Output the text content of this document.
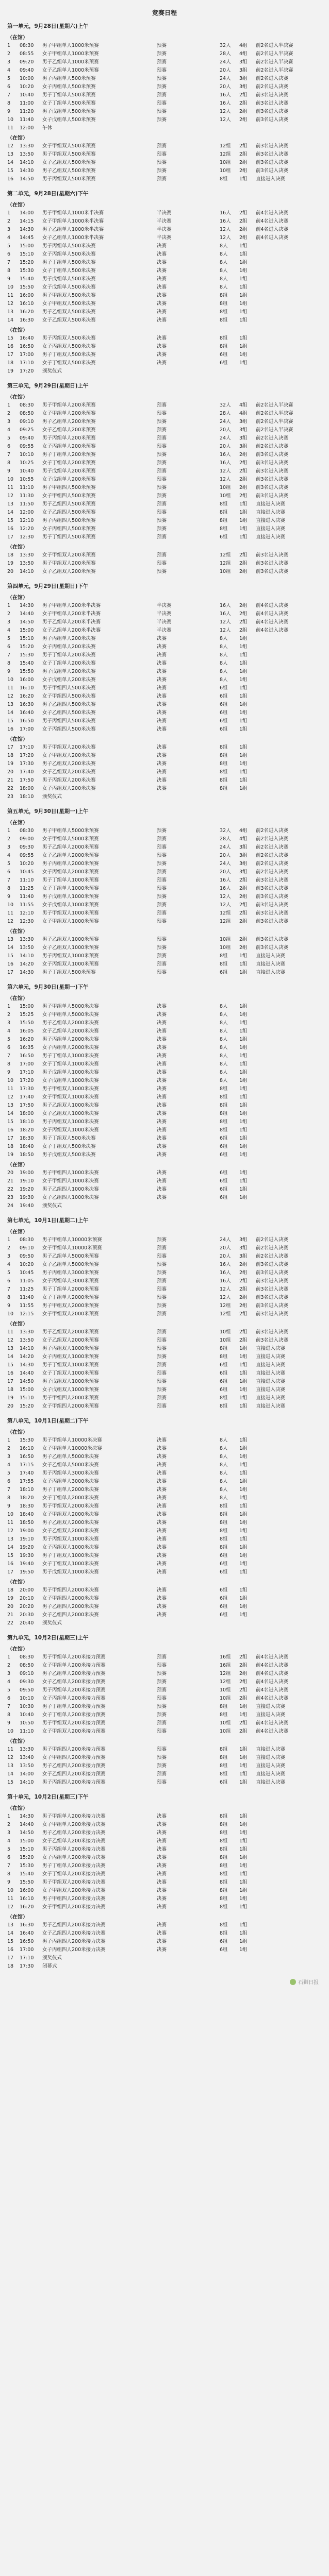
竞赛日程
第一单元，9月28日(星期六)上午
（在馆）
1	08:30	男子甲组单人1000米预赛	预赛	32人	4组	前2名进入半决赛
2	08:55	女子甲组单人1000米预赛	预赛	28人	4组	前2名进入半决赛
3	09:20	男子乙组单人1000米预赛	预赛	24人	3组	前2名进入半决赛
4	09:40	女子乙组单人1000米预赛	预赛	20人	3组	前2名进入半决赛
5	10:00	男子丙组单人500米预赛	预赛	24人	3组	前2名进入决赛
6	10:20	女子丙组单人500米预赛	预赛	20人	3组	前2名进入决赛
7	10:40	男子丁组单人500米预赛	预赛	16人	2组	前3名进入决赛
8	11:00	女子丁组单人500米预赛	预赛	16人	2组	前3名进入决赛
9	11:20	男子戊组单人500米预赛	预赛	12人	2组	前3名进入决赛
10	11:40	女子戊组单人500米预赛	预赛	12人	2组	前3名进入决赛
11	12:00	午休
（在馆）
12	13:30	女子甲组双人500米预赛	预赛	12组	2组	前3名进入决赛
13	13:50	男子甲组双人500米预赛	预赛	12组	2组	前3名进入决赛
14	14:10	女子乙组双人500米预赛	预赛	10组	2组	前3名进入决赛
15	14:30	男子乙组双人500米预赛	预赛	10组	2组	前3名进入决赛
16	14:50	男子丙组双人500米预赛	预赛	8组	1组	直接进入决赛
第二单元，9月28日(星期六)下午
（在馆）
1	14:00	男子甲组单人1000米半决赛	半决赛	16人	2组	前4名进入决赛
2	14:15	女子甲组单人1000米半决赛	半决赛	16人	2组	前4名进入决赛
3	14:30	男子乙组单人1000米半决赛	半决赛	12人	2组	前4名进入决赛
4	14:45	女子乙组单人1000米半决赛	半决赛	12人	2组	前4名进入决赛
5	15:00	男子丙组单人500米决赛	决赛	8人	1组
6	15:10	女子丙组单人500米决赛	决赛	8人	1组
7	15:20	男子丁组单人500米决赛	决赛	8人	1组
8	15:30	女子丁组单人500米决赛	决赛	8人	1组
9	15:40	男子戊组单人500米决赛	决赛	8人	1组
10	15:50	女子戊组单人500米决赛	决赛	8人	1组
11	16:00	男子甲组双人500米决赛	决赛	8组	1组
12	16:10	女子甲组双人500米决赛	决赛	8组	1组
13	16:20	男子乙组双人500米决赛	决赛	8组	1组
14	16:30	女子乙组双人500米决赛	决赛	8组	1组
（在馆）
15	16:40	男子丙组双人500米决赛	决赛	8组	1组
16	16:50	女子丙组双人500米决赛	决赛	8组	1组
17	17:00	男子丁组双人500米决赛	决赛	6组	1组
18	17:10	女子丁组双人500米决赛	决赛	6组	1组
19	17:20	颁奖仪式
第三单元，9月29日(星期日)上午
（在馆）
1	08:30	男子甲组单人200米预赛	预赛	32人	4组	前2名进入半决赛
2	08:50	女子甲组单人200米预赛	预赛	28人	4组	前2名进入半决赛
3	09:10	男子乙组单人200米预赛	预赛	24人	3组	前2名进入半决赛
4	09:25	女子乙组单人200米预赛	预赛	20人	3组	前2名进入半决赛
5	09:40	男子丙组单人200米预赛	预赛	24人	3组	前2名进入决赛
6	09:55	女子丙组单人200米预赛	预赛	20人	3组	前2名进入决赛
7	10:10	男子丁组单人200米预赛	预赛	16人	2组	前3名进入决赛
8	10:25	女子丁组单人200米预赛	预赛	16人	2组	前3名进入决赛
9	10:40	男子戊组单人200米预赛	预赛	12人	2组	前3名进入决赛
10	10:55	女子戊组单人200米预赛	预赛	12人	2组	前3名进入决赛
11	11:10	男子甲组四人500米预赛	预赛	10组	2组	前3名进入决赛
12	11:30	女子甲组四人500米预赛	预赛	10组	2组	前3名进入决赛
13	11:50	男子乙组四人500米预赛	预赛	8组	1组	直接进入决赛
14	12:00	女子乙组四人500米预赛	预赛	8组	1组	直接进入决赛
15	12:10	男子丙组四人500米预赛	预赛	8组	1组	直接进入决赛
16	12:20	女子丙组四人500米预赛	预赛	8组	1组	直接进入决赛
17	12:30	男子丁组四人500米预赛	预赛	6组	1组	直接进入决赛
（在馆）
18	13:30	女子甲组双人200米预赛	预赛	12组	2组	前3名进入决赛
19	13:50	男子甲组双人200米预赛	预赛	12组	2组	前3名进入决赛
20	14:10	女子乙组双人200米预赛	预赛	10组	2组	前3名进入决赛
第四单元，9月29日(星期日)下午
（在馆）
1	14:30	男子甲组单人200米半决赛	半决赛	16人	2组	前4名进入决赛
2	14:40	女子甲组单人200米半决赛	半决赛	16人	2组	前4名进入决赛
3	14:50	男子乙组单人200米半决赛	半决赛	12人	2组	前4名进入决赛
4	15:00	女子乙组单人200米半决赛	半决赛	12人	2组	前4名进入决赛
5	15:10	男子丙组单人200米决赛	决赛	8人	1组
6	15:20	女子丙组单人200米决赛	决赛	8人	1组
7	15:30	男子丁组单人200米决赛	决赛	8人	1组
8	15:40	女子丁组单人200米决赛	决赛	8人	1组
9	15:50	男子戊组单人200米决赛	决赛	8人	1组
10	16:00	女子戊组单人200米决赛	决赛	8人	1组
11	16:10	男子甲组四人500米决赛	决赛	6组	1组
12	16:20	女子甲组四人500米决赛	决赛	6组	1组
13	16:30	男子乙组四人500米决赛	决赛	6组	1组
14	16:40	女子乙组四人500米决赛	决赛	6组	1组
15	16:50	男子丙组四人500米决赛	决赛	6组	1组
16	17:00	女子丙组四人500米决赛	决赛	6组	1组
（在馆）
17	17:10	男子甲组双人200米决赛	决赛	8组	1组
18	17:20	女子甲组双人200米决赛	决赛	8组	1组
19	17:30	男子乙组双人200米决赛	决赛	8组	1组
20	17:40	女子乙组双人200米决赛	决赛	8组	1组
21	17:50	男子丙组双人200米决赛	决赛	8组	1组
22	18:00	女子丙组双人200米决赛	决赛	8组	1组
23	18:10	颁奖仪式
第五单元，9月30日(星期一)上午
（在馆）
1	08:30	男子甲组单人5000米预赛	预赛	32人	4组	前2名进入决赛
2	09:00	女子甲组单人5000米预赛	预赛	28人	4组	前2名进入决赛
3	09:30	男子乙组单人2000米预赛	预赛	24人	3组	前2名进入决赛
4	09:55	女子乙组单人2000米预赛	预赛	20人	3组	前2名进入决赛
5	10:20	男子丙组单人2000米预赛	预赛	24人	3组	前2名进入决赛
6	10:45	女子丙组单人2000米预赛	预赛	20人	3组	前2名进入决赛
7	11:10	男子丁组单人1000米预赛	预赛	16人	2组	前3名进入决赛
8	11:25	女子丁组单人1000米预赛	预赛	16人	2组	前3名进入决赛
9	11:40	男子戊组单人1000米预赛	预赛	12人	2组	前3名进入决赛
10	11:55	女子戊组单人1000米预赛	预赛	12人	2组	前3名进入决赛
11	12:10	男子甲组双人1000米预赛	预赛	12组	2组	前3名进入决赛
12	12:30	女子甲组双人1000米预赛	预赛	12组	2组	前3名进入决赛
（在馆）
13	13:30	男子乙组双人1000米预赛	预赛	10组	2组	前3名进入决赛
14	13:50	女子乙组双人1000米预赛	预赛	10组	2组	前3名进入决赛
15	14:10	男子丙组双人1000米预赛	预赛	8组	1组	直接进入决赛
16	14:20	女子丙组双人1000米预赛	预赛	8组	1组	直接进入决赛
17	14:30	男子丁组双人500米预赛	预赛	6组	1组	直接进入决赛
第六单元，9月30日(星期一)下午
（在馆）
1	15:00	男子甲组单人5000米决赛	决赛	8人	1组
2	15:25	女子甲组单人5000米决赛	决赛	8人	1组
3	15:50	男子乙组单人2000米决赛	决赛	8人	1组
4	16:05	女子乙组单人2000米决赛	决赛	8人	1组
5	16:20	男子丙组单人2000米决赛	决赛	8人	1组
6	16:35	女子丙组单人2000米决赛	决赛	8人	1组
7	16:50	男子丁组单人1000米决赛	决赛	8人	1组
8	17:00	女子丁组单人1000米决赛	决赛	8人	1组
9	17:10	男子戊组单人1000米决赛	决赛	8人	1组
10	17:20	女子戊组单人1000米决赛	决赛	8人	1组
11	17:30	男子甲组双人1000米决赛	决赛	8组	1组
12	17:40	女子甲组双人1000米决赛	决赛	8组	1组
13	17:50	男子乙组双人1000米决赛	决赛	8组	1组
14	18:00	女子乙组双人1000米决赛	决赛	8组	1组
15	18:10	男子丙组双人1000米决赛	决赛	8组	1组
16	18:20	女子丙组双人1000米决赛	决赛	8组	1组
17	18:30	男子丁组双人500米决赛	决赛	6组	1组
18	18:40	女子丁组双人500米决赛	决赛	6组	1组
19	18:50	男子戊组双人500米决赛	决赛	6组	1组
（在馆）
20	19:00	男子甲组四人1000米决赛	决赛	6组	1组
21	19:10	女子甲组四人1000米决赛	决赛	6组	1组
22	19:20	男子乙组四人1000米决赛	决赛	6组	1组
23	19:30	女子乙组四人1000米决赛	决赛	6组	1组
24	19:40	颁奖仪式
第七单元，10月1日(星期二)上午
（在馆）
1	08:30	男子甲组单人10000米预赛	预赛	24人	3组	前2名进入决赛
2	09:10	女子甲组单人10000米预赛	预赛	20人	3组	前2名进入决赛
3	09:50	男子乙组单人5000米预赛	预赛	20人	3组	前2名进入决赛
4	10:20	女子乙组单人5000米预赛	预赛	16人	2组	前3名进入决赛
5	10:45	男子丙组单人3000米预赛	预赛	16人	2组	前3名进入决赛
6	11:05	女子丙组单人3000米预赛	预赛	16人	2组	前3名进入决赛
7	11:25	男子丁组单人2000米预赛	预赛	12人	2组	前3名进入决赛
8	11:40	女子丁组单人2000米预赛	预赛	12人	2组	前3名进入决赛
9	11:55	男子甲组双人2000米预赛	预赛	12组	2组	前3名进入决赛
10	12:15	女子甲组双人2000米预赛	预赛	12组	2组	前3名进入决赛
（在馆）
11	13:30	男子乙组双人2000米预赛	预赛	10组	2组	前3名进入决赛
12	13:50	女子乙组双人2000米预赛	预赛	10组	2组	前3名进入决赛
13	14:10	男子丙组双人1000米预赛	预赛	8组	1组	直接进入决赛
14	14:20	女子丙组双人1000米预赛	预赛	8组	1组	直接进入决赛
15	14:30	男子丁组双人1000米预赛	预赛	6组	1组	直接进入决赛
16	14:40	女子丁组双人1000米预赛	预赛	6组	1组	直接进入决赛
17	14:50	男子戊组双人1000米预赛	预赛	6组	1组	直接进入决赛
18	15:00	女子戊组双人1000米预赛	预赛	6组	1组	直接进入决赛
19	15:10	男子甲组四人2000米预赛	预赛	8组	1组	直接进入决赛
20	15:20	女子甲组四人2000米预赛	预赛	8组	1组	直接进入决赛
第八单元，10月1日(星期二)下午
（在馆）
1	15:30	男子甲组单人10000米决赛	决赛	8人	1组
2	16:10	女子甲组单人10000米决赛	决赛	8人	1组
3	16:50	男子乙组单人5000米决赛	决赛	8人	1组
4	17:15	女子乙组单人5000米决赛	决赛	8人	1组
5	17:40	男子丙组单人3000米决赛	决赛	8人	1组
6	17:55	女子丙组单人3000米决赛	决赛	8人	1组
7	18:10	男子丁组单人2000米决赛	决赛	8人	1组
8	18:20	女子丁组单人2000米决赛	决赛	8人	1组
9	18:30	男子甲组双人2000米决赛	决赛	8组	1组
10	18:40	女子甲组双人2000米决赛	决赛	8组	1组
11	18:50	男子乙组双人2000米决赛	决赛	8组	1组
12	19:00	女子乙组双人2000米决赛	决赛	8组	1组
13	19:10	男子丙组双人1000米决赛	决赛	8组	1组
14	19:20	女子丙组双人1000米决赛	决赛	8组	1组
15	19:30	男子丁组双人1000米决赛	决赛	6组	1组
16	19:40	女子丁组双人1000米决赛	决赛	6组	1组
17	19:50	男子戊组双人1000米决赛	决赛	6组	1组
（在馆）
18	20:00	男子甲组四人2000米决赛	决赛	6组	1组
19	20:10	女子甲组四人2000米决赛	决赛	6组	1组
20	20:20	男子乙组四人2000米决赛	决赛	6组	1组
21	20:30	女子乙组四人2000米决赛	决赛	6组	1组
22	20:40	颁奖仪式
第九单元，10月2日(星期三)上午
（在馆）
1	08:30	男子甲组单人200米接力预赛	预赛	16组	2组	前4名进入决赛
2	08:50	女子甲组单人200米接力预赛	预赛	16组	2组	前4名进入决赛
3	09:10	男子乙组单人200米接力预赛	预赛	12组	2组	前4名进入决赛
4	09:30	女子乙组单人200米接力预赛	预赛	12组	2组	前4名进入决赛
5	09:50	男子丙组单人200米接力预赛	预赛	10组	2组	前4名进入决赛
6	10:10	女子丙组单人200米接力预赛	预赛	10组	2组	前4名进入决赛
7	10:30	男子丁组单人200米接力预赛	预赛	8组	1组	直接进入决赛
8	10:40	女子丁组单人200米接力预赛	预赛	8组	1组	直接进入决赛
9	10:50	男子甲组双人200米接力预赛	预赛	10组	2组	前4名进入决赛
10	11:10	女子甲组双人200米接力预赛	预赛	10组	2组	前4名进入决赛
（在馆）
11	13:30	男子甲组四人200米接力预赛	预赛	8组	1组	直接进入决赛
12	13:40	女子甲组四人200米接力预赛	预赛	8组	1组	直接进入决赛
13	13:50	男子乙组四人200米接力预赛	预赛	8组	1组	直接进入决赛
14	14:00	女子乙组四人200米接力预赛	预赛	8组	1组	直接进入决赛
15	14:10	男子丙组四人200米接力预赛	预赛	6组	1组	直接进入决赛
第十单元，10月2日(星期三)下午
（在馆）
1	14:30	男子甲组单人200米接力决赛	决赛	8组	1组
2	14:40	女子甲组单人200米接力决赛	决赛	8组	1组
3	14:50	男子乙组单人200米接力决赛	决赛	8组	1组
4	15:00	女子乙组单人200米接力决赛	决赛	8组	1组
5	15:10	男子丙组单人200米接力决赛	决赛	8组	1组
6	15:20	女子丙组单人200米接力决赛	决赛	8组	1组
7	15:30	男子丁组单人200米接力决赛	决赛	8组	1组
8	15:40	女子丁组单人200米接力决赛	决赛	8组	1组
9	15:50	男子甲组双人200米接力决赛	决赛	8组	1组
10	16:00	女子甲组双人200米接力决赛	决赛	8组	1组
11	16:10	男子甲组四人200米接力决赛	决赛	8组	1组
12	16:20	女子甲组四人200米接力决赛	决赛	8组	1组
（在馆）
13	16:30	男子乙组四人200米接力决赛	决赛	8组	1组
14	16:40	女子乙组四人200米接力决赛	决赛	8组	1组
15	16:50	男子丙组四人200米接力决赛	决赛	6组	1组
16	17:00	女子丙组四人200米接力决赛	决赛	6组	1组
17	17:10	颁奖仪式
18	17:30	闭幕式
石狮日报
